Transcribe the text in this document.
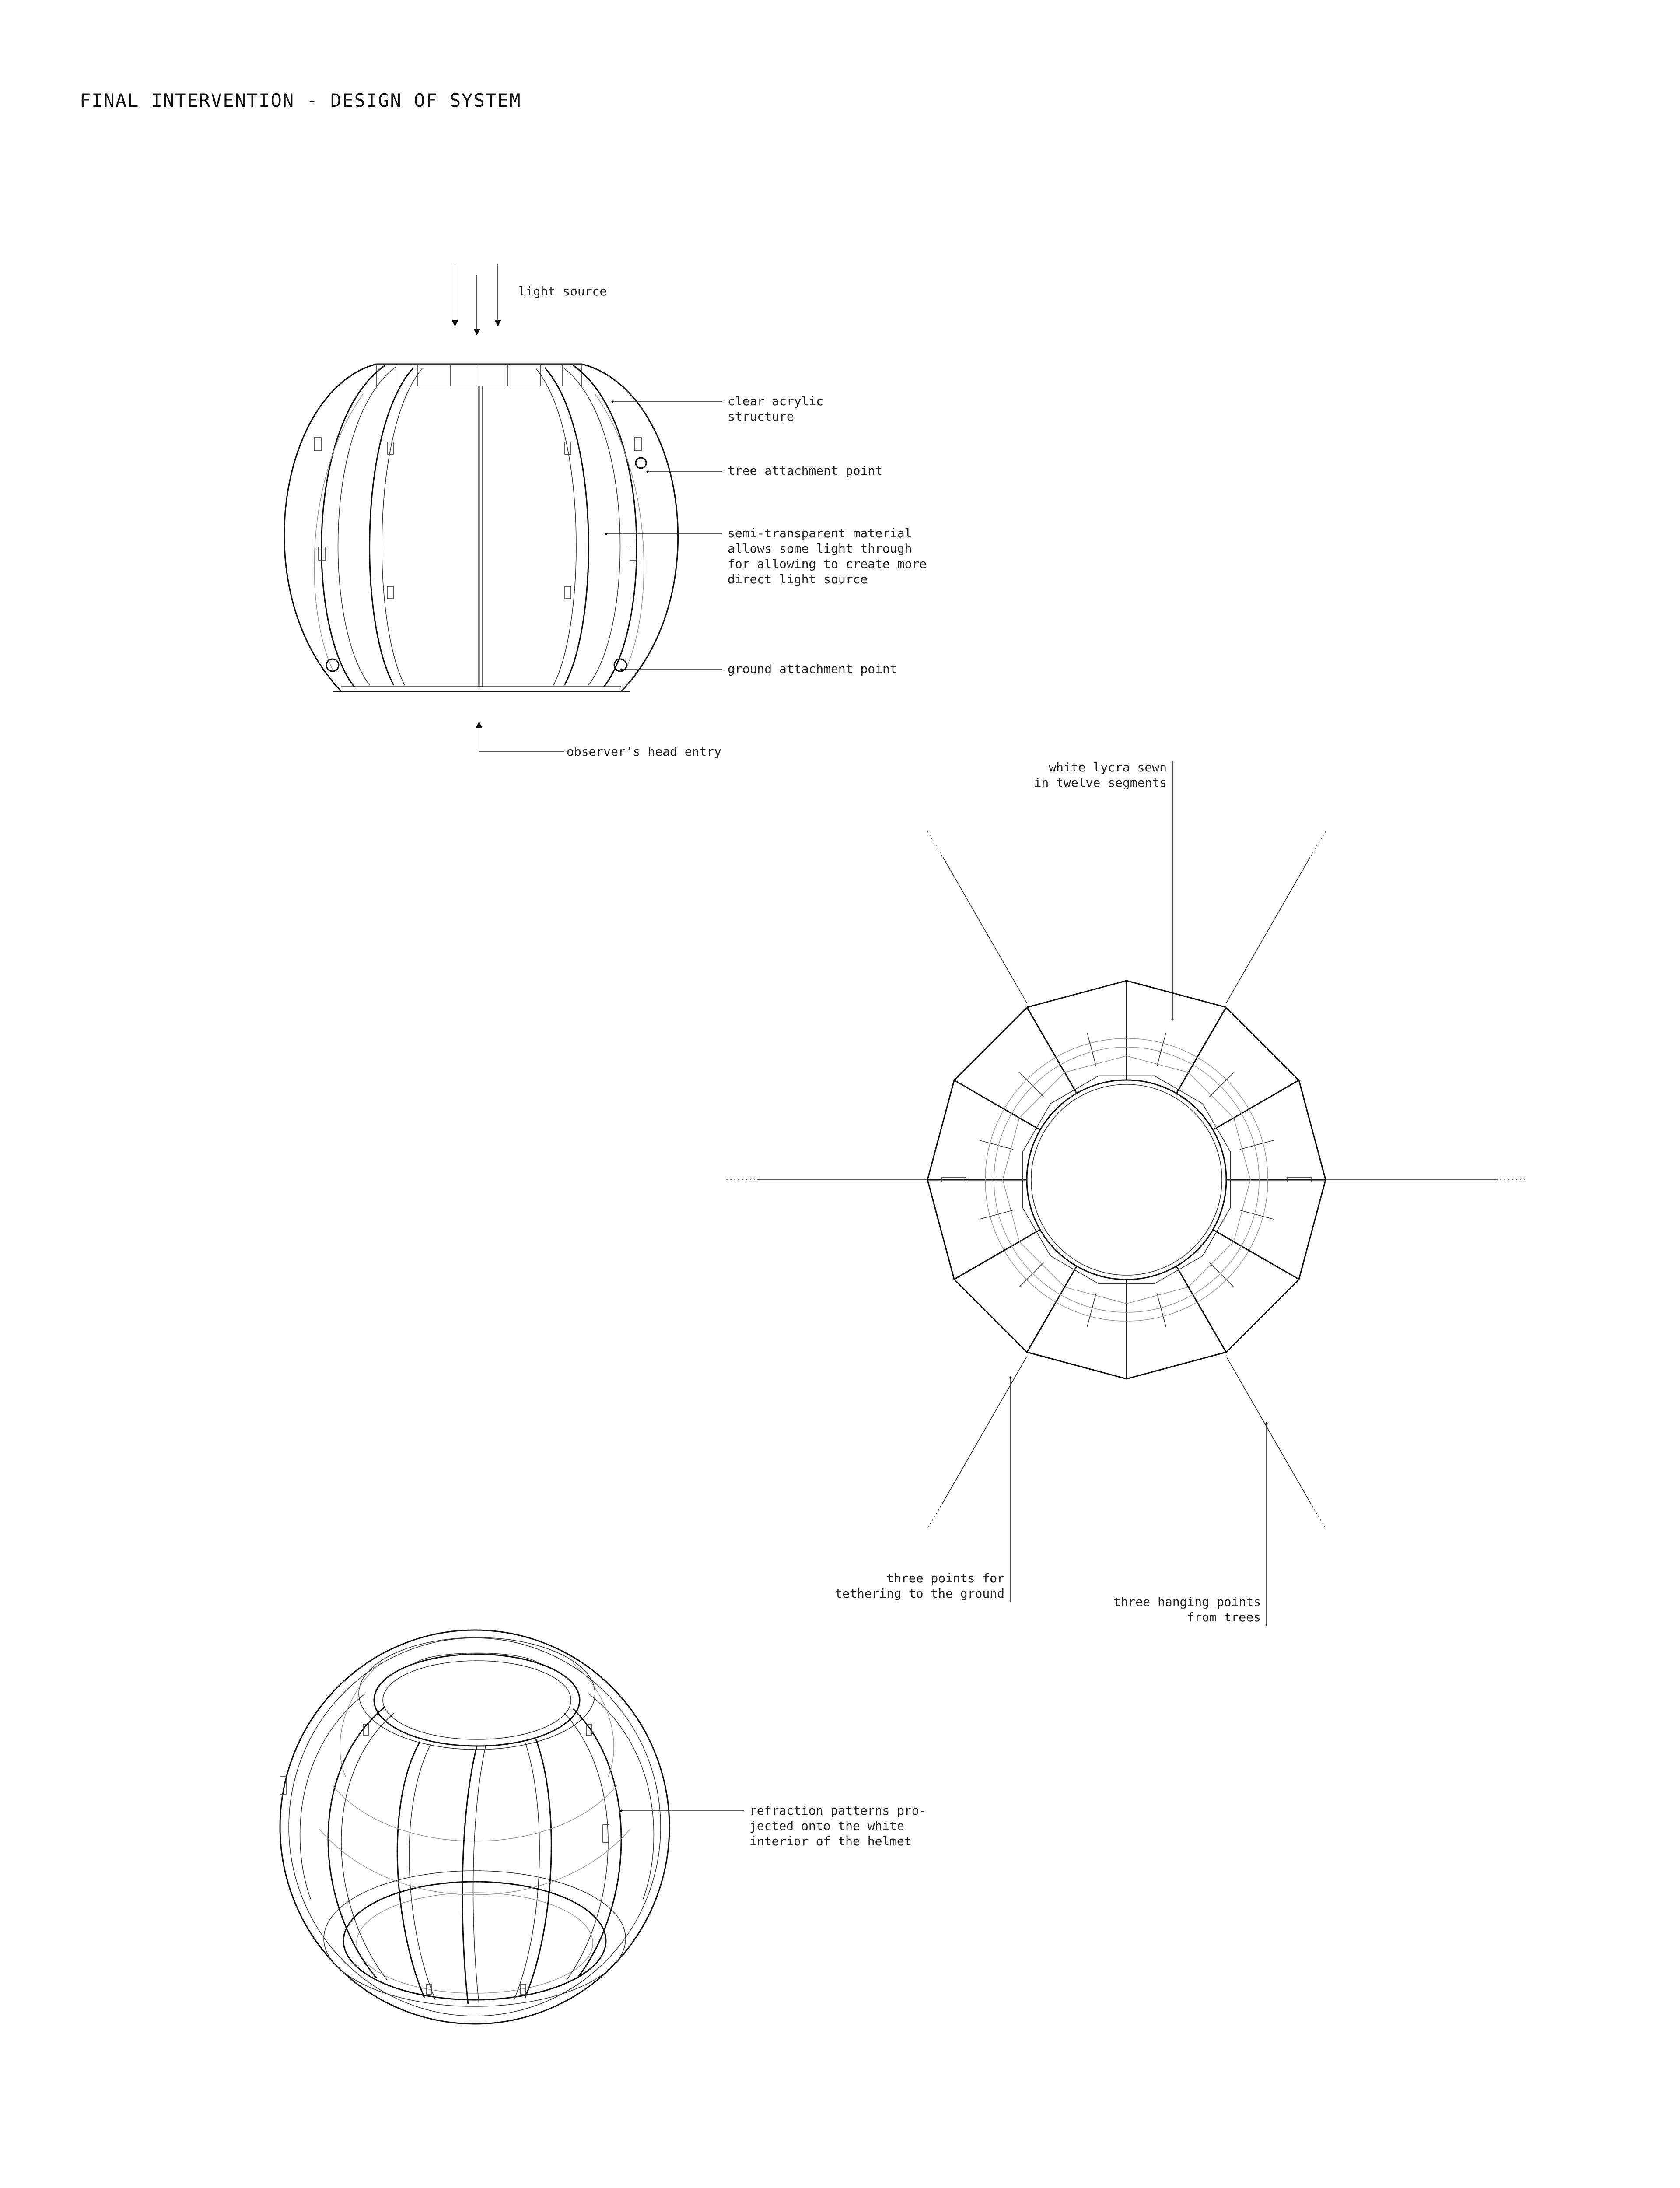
FINAL INTERVENTION - DESIGN OF SYSTEM
light source
clear acrylic
structure
tree attachment point
semi-transparent material
allows some light through
for allowing to create more
direct light source
ground attachment point
observer’s head entry
white lycra sewn
in twelve segments
three points for
tethering to the ground
three hanging points
from trees
refraction patterns pro-
jected onto the white
interior of the helmet
